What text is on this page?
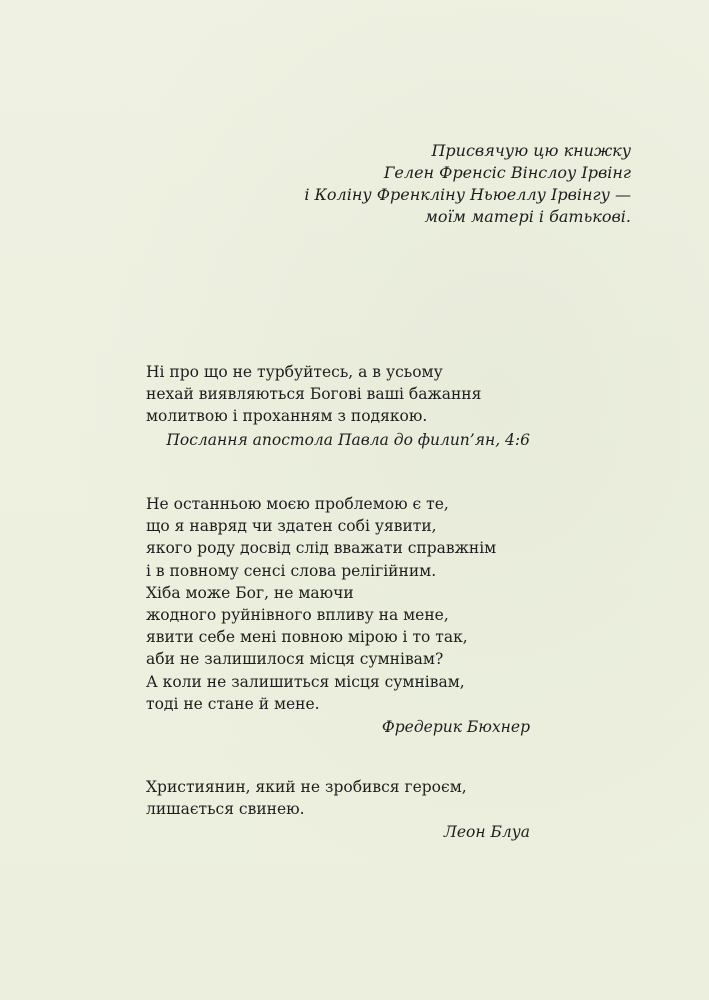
Присвячую цю книжку
Гелен Френсіс Вінслоу Ірвінг
і Коліну Френкліну Ньюеллу Ірвінгу —
моїм матері і батькові.
Ні про що не турбуйтесь, а в усьому
нехай виявляються Богові ваші бажання
молитвою і проханням з подякою.
Послання апостола Павла до филип’ян, 4:6
Не останньою моєю проблемою є те,
що я навряд чи здатен собі уявити,
якого роду досвід слід вважати справжнім
і в повному сенсі слова релігійним.
Хіба може Бог, не маючи
жодного руйнівного впливу на мене,
явити себе мені повною мірою і то так,
аби не залишилося місця сумнівам?
А коли не залишиться місця сумнівам,
тоді не стане й мене.
Фредерик Бюхнер
Християнин, який не зробився героєм,
лишається свинею.
Леон Блуа
